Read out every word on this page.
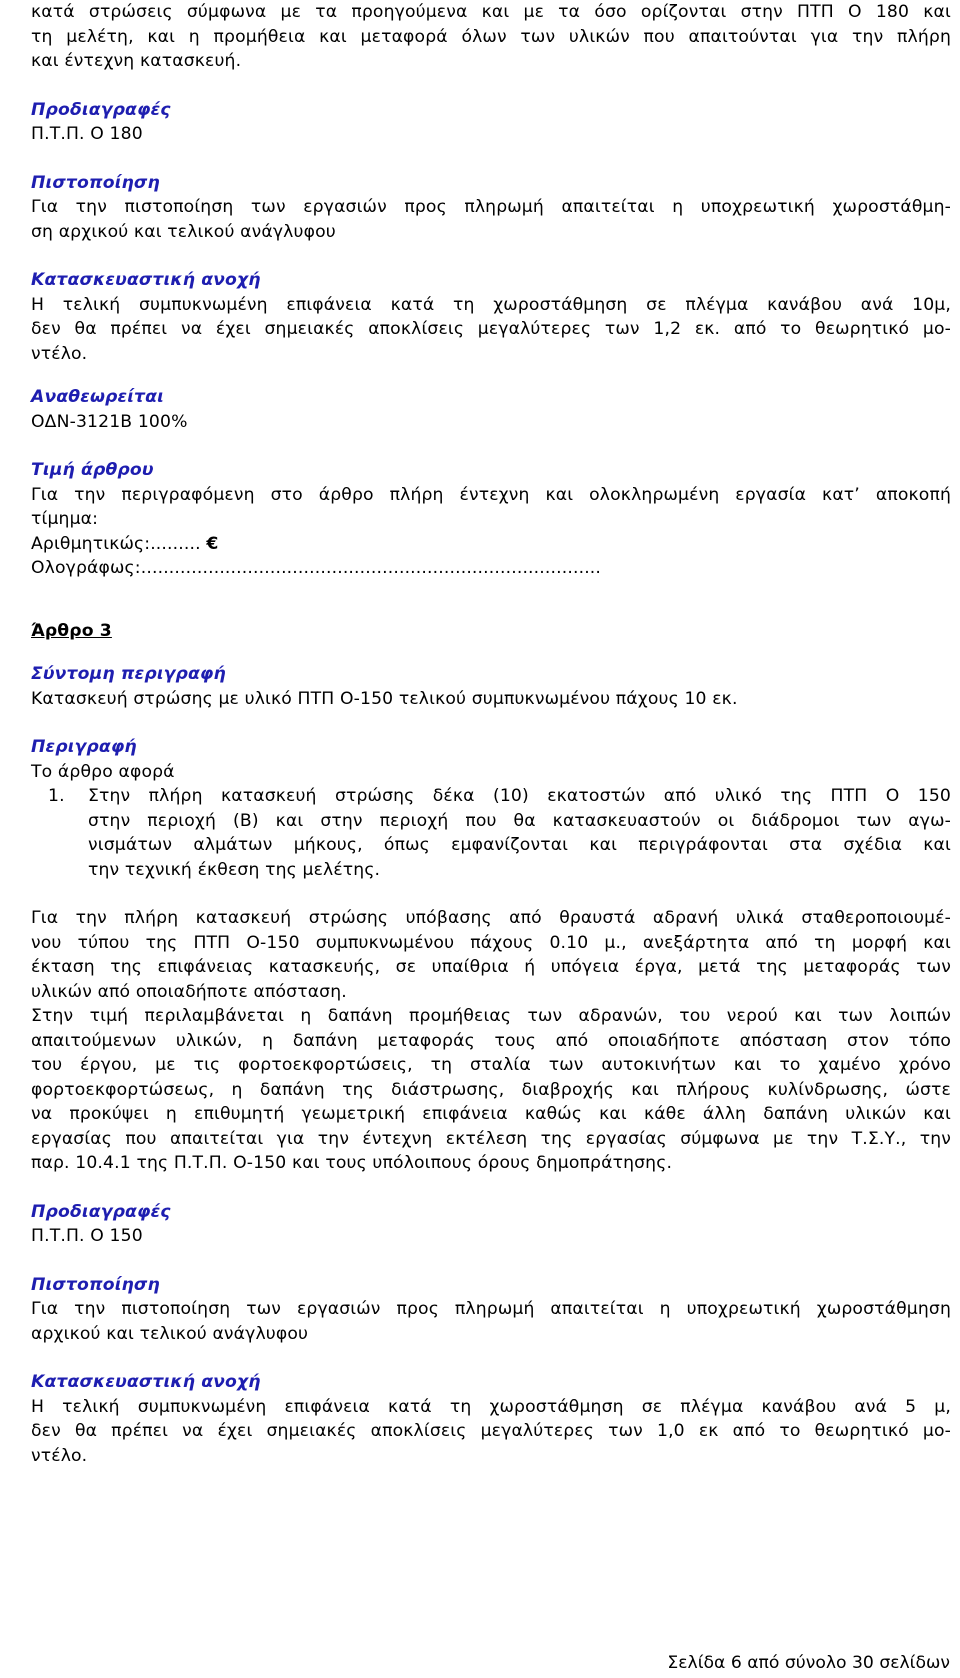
κατά στρώσεις σύμφωνα με τα προηγούμενα και με τα όσο ορίζονται στην ΠΤΠ Ο 180 και

τη μελέτη, και η προμήθεια και μεταφορά όλων των υλικών που απαιτούνται για την πλήρη

και έντεχνη κατασκευή.

Προδιαγραφές

Π.Τ.Π. Ο 180

Πιστοποίηση

Για την πιστοποίηση των εργασιών προς πληρωμή απαιτείται η υποχρεωτική χωροστάθμη-

ση αρχικού και τελικού ανάγλυφου

Κατασκευαστική ανοχή

Η τελική συμπυκνωμένη επιφάνεια κατά τη χωροστάθμηση σε πλέγμα κανάβου ανά 10μ,

δεν θα πρέπει να έχει σημειακές αποκλίσεις μεγαλύτερες των 1,2 εκ. από το θεωρητικό μο-

ντέλο.

Αναθεωρείται

ΟΔΝ-3121Β 100%

Τιμή άρθρου

Για την περιγραφόμενη στο άρθρο πλήρη έντεχνη και ολοκληρωμένη εργασία κατ’ αποκοπή

τίμημα:

Αριθμητικώς:......... €

Ολογράφως:..................................................................................

Άρθρο 3

Σύντομη περιγραφή

Κατασκευή στρώσης με υλικό ΠΤΠ Ο-150 τελικού συμπυκνωμένου πάχους 10 εκ.

Περιγραφή

Το άρθρο αφορά

1. Στην πλήρη κατασκευή στρώσης δέκα (10) εκατοστών από υλικό της ΠΤΠ Ο 150

στην περιοχή (Β) και στην περιοχή που θα κατασκευαστούν οι διάδρομοι των αγω-

νισμάτων αλμάτων μήκους, όπως εμφανίζονται και περιγράφονται στα σχέδια και

την τεχνική έκθεση της μελέτης.

Για την πλήρη κατασκευή στρώσης υπόβασης από θραυστά αδρανή υλικά σταθεροποιουμέ-

νου τύπου της ΠΤΠ Ο-150 συμπυκνωμένου πάχους 0.10 μ., ανεξάρτητα από τη μορφή και

έκταση της επιφάνειας κατασκευής, σε υπαίθρια ή υπόγεια έργα, μετά της μεταφοράς των

υλικών από οποιαδήποτε απόσταση.

Στην τιμή περιλαμβάνεται η δαπάνη προμήθειας των αδρανών, του νερού και των λοιπών

απαιτούμενων υλικών, η δαπάνη μεταφοράς τους από οποιαδήποτε απόσταση στον τόπο

του έργου, με τις φορτοεκφορτώσεις, τη σταλία των αυτοκινήτων και το χαμένο χρόνο

φορτοεκφορτώσεως, η δαπάνη της διάστρωσης, διαβροχής και πλήρους κυλίνδρωσης, ώστε

να προκύψει η επιθυμητή γεωμετρική επιφάνεια καθώς και κάθε άλλη δαπάνη υλικών και

εργασίας που απαιτείται για την έντεχνη εκτέλεση της εργασίας σύμφωνα με την Τ.Σ.Υ., την

παρ. 10.4.1 της Π.Τ.Π. Ο-150 και τους υπόλοιπους όρους δημοπράτησης.

Προδιαγραφές

Π.Τ.Π. Ο 150

Πιστοποίηση

Για την πιστοποίηση των εργασιών προς πληρωμή απαιτείται η υποχρεωτική χωροστάθμηση

αρχικού και τελικού ανάγλυφου

Κατασκευαστική ανοχή

Η τελική συμπυκνωμένη επιφάνεια κατά τη χωροστάθμηση σε πλέγμα κανάβου ανά 5 μ,

δεν θα πρέπει να έχει σημειακές αποκλίσεις μεγαλύτερες των 1,0 εκ από το θεωρητικό μο-

ντέλο.

Σελίδα 6 από σύνολο 30 σελίδων
